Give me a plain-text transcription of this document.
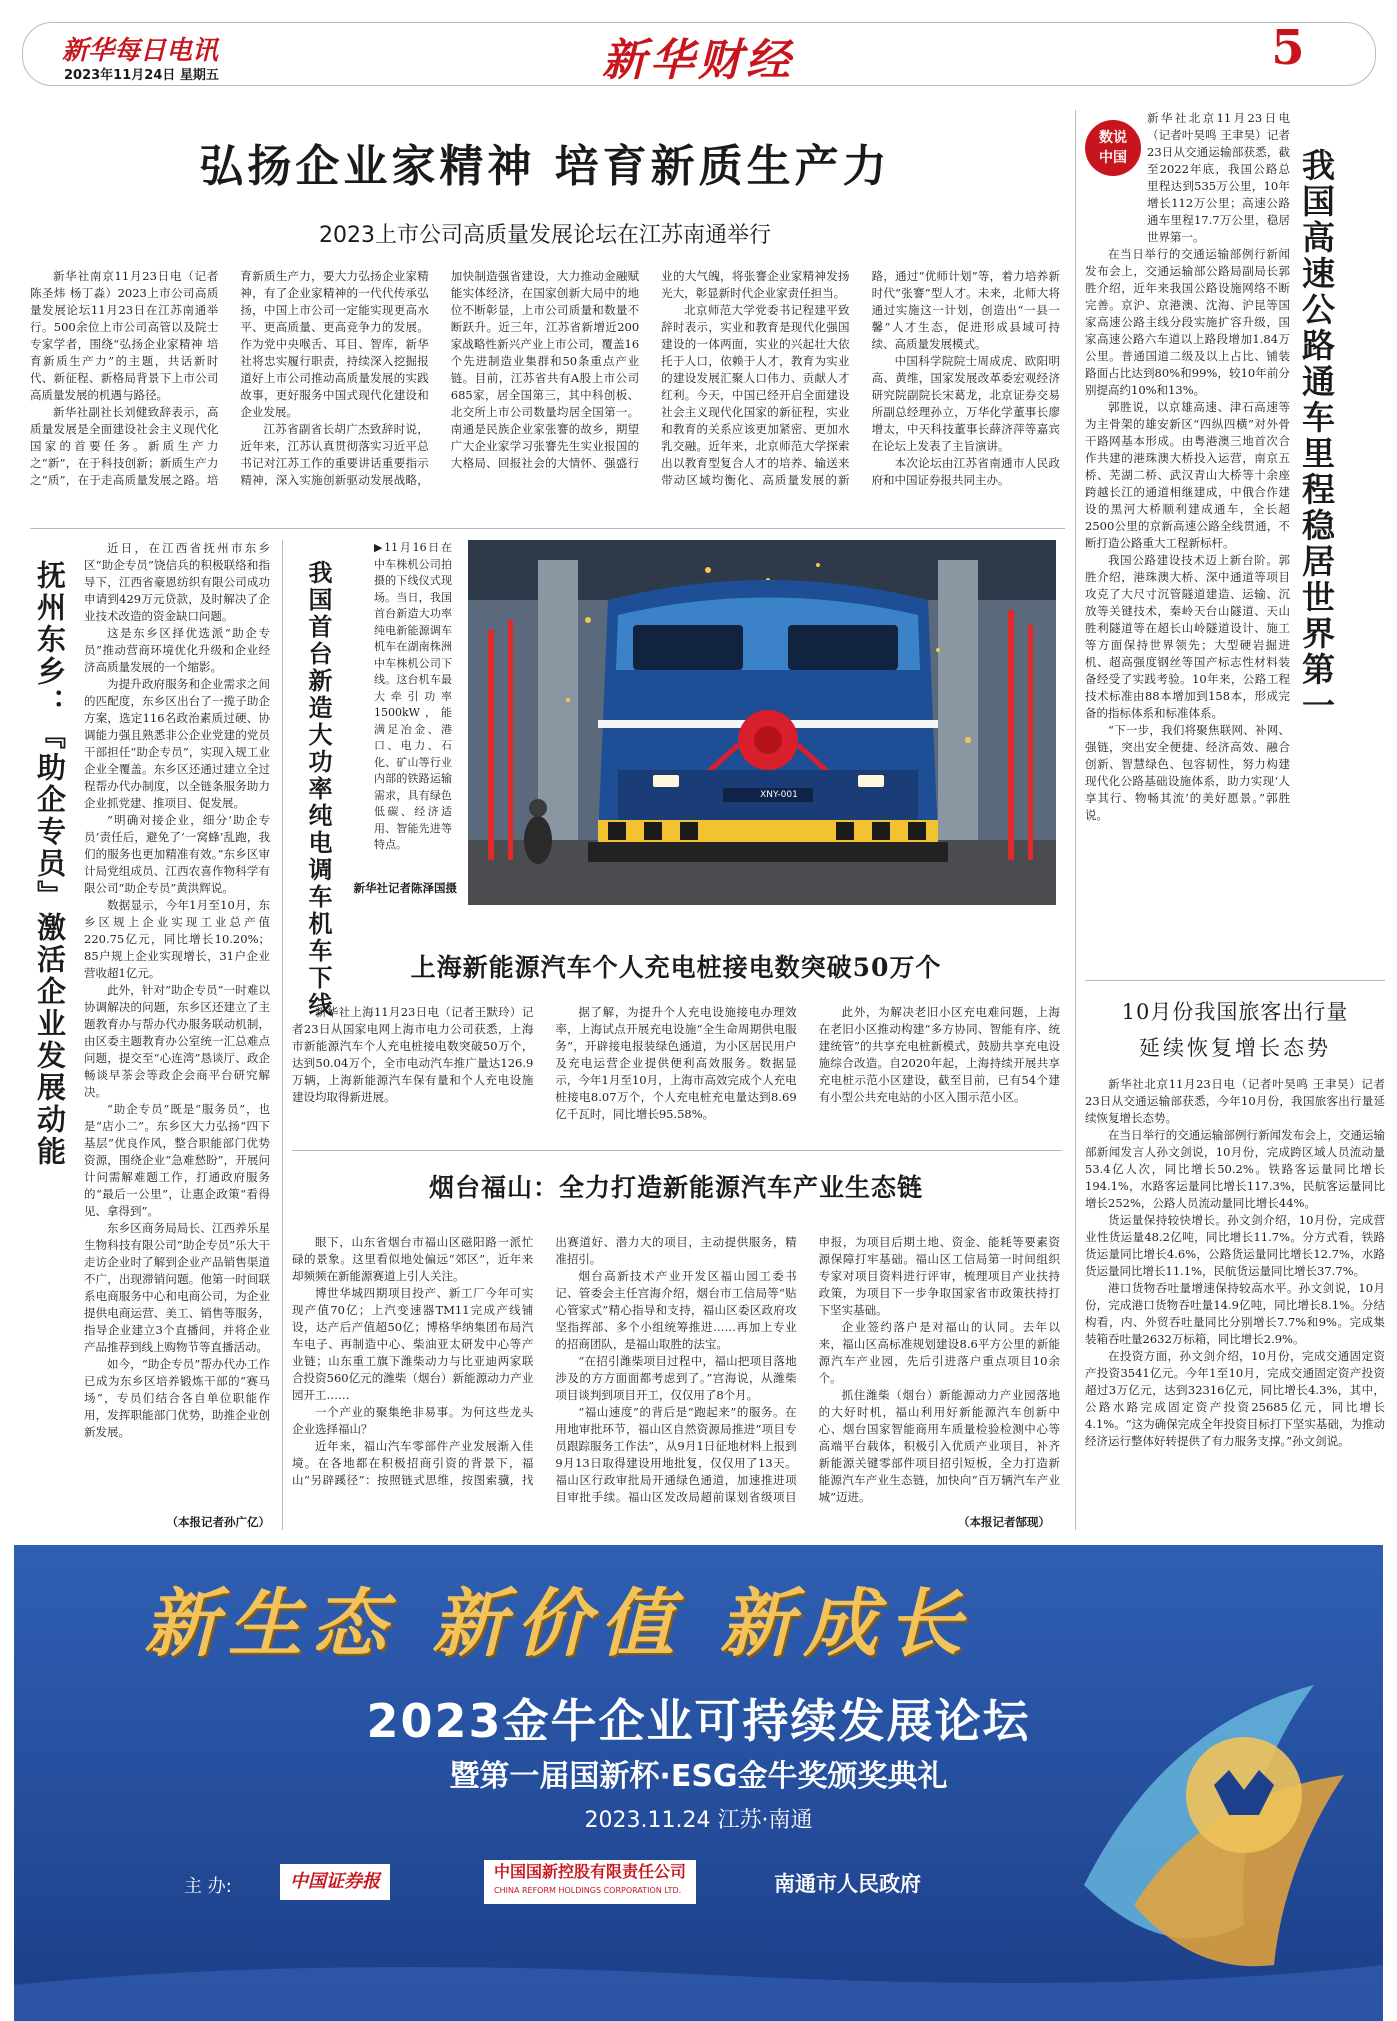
新华每日电讯
2023年11月24日 星期五	新华财经	5
弘扬企业家精神 培育新质生产力
2023上市公司高质量发展论坛在江苏南通举行

新华社南京11月23日电（记者陈圣炜 杨丁淼）2023上市公司高质量发展论坛11月23日在江苏南通举行。500余位上市公司高管以及院士专家学者，围绕“弘扬企业家精神 培育新质生产力”的主题，共话新时代、新征程、新格局背景下上市公司高质量发展的机遇与路径。

新华社副社长刘健致辞表示，高质量发展是全面建设社会主义现代化国家的首要任务。新质生产力之“新”，在于科技创新；新质生产力之“质”，在于走高质量发展之路。培育新质生产力，要大力弘扬企业家精神，有了企业家精神的一代代传承弘扬，中国上市公司一定能实现更高水平、更高质量、更高竞争力的发展。作为党中央喉舌、耳目、智库，新华社将忠实履行职责，持续深入挖掘报道好上市公司推动高质量发展的实践故事，更好服务中国式现代化建设和企业发展。

江苏省副省长胡广杰致辞时说，近年来，江苏认真贯彻落实习近平总书记对江苏工作的重要讲话重要指示精神，深入实施创新驱动发展战略，加快制造强省建设，大力推动金融赋能实体经济，在国家创新大局中的地位不断彰显，上市公司质量和数量不断跃升。近三年，江苏省新增近200家战略性新兴产业上市公司，覆盖16个先进制造业集群和50条重点产业链。目前，江苏省共有A股上市公司685家，居全国第三，其中科创板、北交所上市公司数量均居全国第一。南通是民族企业家张謇的故乡，期望广大企业家学习张謇先生实业报国的大格局、回报社会的大情怀、强盛行业的大气魄，将张謇企业家精神发扬光大，彰显新时代企业家责任担当。

北京师范大学党委书记程建平致辞时表示，实业和教育是现代化强国建设的一体两面，实业的兴起壮大依托于人口，依赖于人才，教育为实业的建设发展汇聚人口伟力、贡献人才红利。今天，中国已经开启全面建设社会主义现代化国家的新征程，实业和教育的关系应该更加紧密、更加水乳交融。近年来，北京师范大学探索出以教育型复合人才的培养、输送来带动区域均衡化、高质量发展的新路，通过“优师计划”等，着力培养新时代“张謇”型人才。未来，北师大将通过实施这一计划，创造出“一县一馨”人才生态，促进形成县域可持续、高质量发展模式。

中国科学院院士周成虎、欧阳明高、黄维，国家发展改革委宏观经济研究院副院长宋葛龙，北京证券交易所副总经理孙立，万华化学董事长廖增太，中天科技董事长薛济萍等嘉宾在论坛上发表了主旨演讲。

本次论坛由江苏省南通市人民政府和中国证券报共同主办。

抚州东乡：『助企专员』激活企业发展动能

近日，在江西省抚州市东乡区“助企专员”饶信兵的积极联络和指导下，江西省豪恩纺织有限公司成功申请到429万元贷款，及时解决了企业技术改造的资金缺口问题。

这是东乡区择优选派“助企专员”推动营商环境优化升级和企业经济高质量发展的一个缩影。

为提升政府服务和企业需求之间的匹配度，东乡区出台了一揽子助企方案，选定116名政治素质过硬、协调能力强且熟悉非公企业党建的党员干部担任“助企专员”，实现入规工业企业全覆盖。东乡区还通过建立全过程帮办代办制度，以全链条服务助力企业抓党建、推项目、促发展。

“明确对接企业，细分‘助企专员’责任后，避免了‘一窝蜂’乱跑，我们的服务也更加精准有效。”东乡区审计局党组成员、江西农喜作物科学有限公司“助企专员”黄洪辉说。

数据显示，今年1月至10月，东乡区规上企业实现工业总产值220.75亿元，同比增长10.20%；85户规上企业实现增长，31户企业营收超1亿元。

此外，针对“助企专员”一时难以协调解决的问题，东乡区还建立了主题教育办与帮办代办服务联动机制，由区委主题教育办公室统一汇总难点问题，提交至“心连湾”恳谈厅、政企畅谈早茶会等政企会商平台研究解决。

“助企专员”既是“服务员”，也是“店小二”。东乡区大力弘扬“四下基层”优良作风，整合职能部门优势资源，围绕企业“急难愁盼”，开展问计问需解难题工作，打通政府服务的“最后一公里”，让惠企政策“看得见、拿得到”。

东乡区商务局局长、江西养乐星生物科技有限公司“助企专员”乐大干走访企业时了解到企业产品销售渠道不广，出现滞销问题。他第一时间联系电商服务中心和电商公司，为企业提供电商运营、美工、销售等服务，指导企业建立3个直播间，并将企业产品推荐到线上购物节等直播活动。

如今，“助企专员”帮办代办工作已成为东乡区培养锻炼干部的“赛马场”，专员们结合各自单位职能作用，发挥职能部门优势，助推企业创新发展。

（本报记者孙广亿）
我国首台新造大功率纯电调车机车下线
▶11月16日在中车株机公司拍摄的下线仪式现场。当日，我国首台新造大功率纯电新能源调车机车在湖南株洲中车株机公司下线。这台机车最大牵引功率1500kW，能满足冶金、港口、电力、石化、矿山等行业内部的铁路运输需求，具有绿色低碳、经济适用、智能先进等特点。
新华社记者陈泽国摄
XNY-001
上海新能源汽车个人充电桩接电数突破50万个

新华社上海11月23日电（记者王默玲）记者23日从国家电网上海市电力公司获悉，上海市新能源汽车个人充电桩接电数突破50万个，达到50.04万个，全市电动汽车推广量达126.9万辆，上海新能源汽车保有量和个人充电设施建设均取得新进展。

据了解，为提升个人充电设施接电办理效率，上海试点开展充电设施“全生命周期供电服务”，开辟接电报装绿色通道，为小区居民用户及充电运营企业提供便利高效服务。数据显示，今年1月至10月，上海市高效完成个人充电桩接电8.07万个，个人充电桩充电量达到8.69亿千瓦时，同比增长95.58%。

此外，为解决老旧小区充电难问题，上海在老旧小区推动构建“多方协同、智能有序、统建统管”的共享充电桩新模式，鼓励共享充电设施综合改造。自2020年起，上海持续开展共享充电桩示范小区建设，截至目前，已有54个建有小型公共充电站的小区入围示范小区。

烟台福山：全力打造新能源汽车产业生态链

眼下，山东省烟台市福山区磁阳路一派忙碌的景象。这里看似地处偏远“郊区”，近年来却频频在新能源赛道上引人关注。

博世华城四期项目投产、新工厂今年可实现产值70亿；上汽变速器TM11完成产线铺设，达产后产值超50亿；博格华纳集团布局汽车电子、再制造中心、柴油亚太研发中心等产业链；山东重工旗下潍柴动力与比亚迪两家联合投资560亿元的潍柴（烟台）新能源动力产业园开工……

一个产业的聚集绝非易事。为何这些龙头企业选择福山？

近年来，福山汽车零部件产业发展渐入佳境。在各地都在积极招商引资的背景下，福山“另辟蹊径”：按照链式思维，按图索骥，找出赛道好、潜力大的项目，主动提供服务，精准招引。

烟台高新技术产业开发区福山园工委书记、管委会主任宫海介绍，烟台市工信局等“贴心管家式”精心指导和支持，福山区委区政府攻坚指挥部、多个小组统筹推进……再加上专业的招商团队，是福山取胜的法宝。

“在招引潍柴项目过程中，福山把项目落地涉及的方方面面都考虑到了。”宫海说，从潍柴项目谈判到项目开工，仅仅用了8个月。

“福山速度”的背后是“跑起来”的服务。在用地审批环节，福山区自然资源局推进“项目专员跟踪服务工作法”，从9月1日征地材料上报到9月13日取得建设用地批复，仅仅用了13天。福山区行政审批局开通绿色通道，加速推进项目审批手续。福山区发改局超前谋划省级项目申报，为项目后期土地、资金、能耗等要素资源保障打牢基础。福山区工信局第一时间组织专家对项目资料进行评审，梳理项目产业扶持政策，为项目下一步争取国家省市政策扶持打下坚实基础。

企业签约落户是对福山的认同。去年以来，福山区高标准规划建设8.6平方公里的新能源汽车产业园，先后引进落户重点项目10余个。

抓住潍柴（烟台）新能源动力产业园落地的大好时机，福山利用好新能源汽车创新中心、烟台国家智能商用车质量检验检测中心等高端平台载体，积极引入优质产业项目，补齐新能源关键零部件项目招引短板，全力打造新能源汽车产业生态链，加快向“百万辆汽车产业城”迈进。

（本报记者郜现）
数说
中国	我国高速公路通车里程稳居世界第一

新华社北京11月23日电（记者叶昊鸣 王聿昊）记者23日从交通运输部获悉，截至2022年底，我国公路总里程达到535万公里，10年增长112万公里；高速公路通车里程17.7万公里，稳居世界第一。

在当日举行的交通运输部例行新闻发布会上，交通运输部公路局副局长郭胜介绍，近年来我国公路设施网络不断完善。京沪、京港澳、沈海、沪昆等国家高速公路主线分段实施扩容升级，国家高速公路六车道以上路段增加1.84万公里。普通国道二级及以上占比、铺装路面占比达到80%和99%，较10年前分别提高约10%和13%。

郭胜说，以京雄高速、津石高速等为主骨架的雄安新区“四纵四横”对外骨干路网基本形成。由粤港澳三地首次合作共建的港珠澳大桥投入运营，南京五桥、芜湖二桥、武汉青山大桥等十余座跨越长江的通道相继建成，中俄合作建设的黑河大桥顺利建成通车，全长超2500公里的京新高速公路全线贯通，不断打造公路重大工程新标杆。

我国公路建设技术迈上新台阶。郭胜介绍，港珠澳大桥、深中通道等项目攻克了大尺寸沉管隧道建造、运输、沉放等关键技术，秦岭天台山隧道、天山胜利隧道等在超长山岭隧道设计、施工等方面保持世界领先；大型硬岩掘进机、超高强度钢丝等国产标志性材料装备经受了实践考验。10年来，公路工程技术标准由88本增加到158本，形成完备的指标体系和标准体系。

“下一步，我们将聚焦联网、补网、强链，突出安全便捷、经济高效、融合创新、智慧绿色、包容韧性，努力构建现代化公路基础设施体系，助力实现‘人享其行、物畅其流’的美好愿景。”郭胜说。

10月份我国旅客出行量
延续恢复增长态势

新华社北京11月23日电（记者叶昊鸣 王聿昊）记者23日从交通运输部获悉，今年10月份，我国旅客出行量延续恢复增长态势。

在当日举行的交通运输部例行新闻发布会上，交通运输部新闻发言人孙文剑说，10月份，完成跨区域人员流动量53.4亿人次，同比增长50.2%。铁路客运量同比增长194.1%，水路客运量同比增长117.3%，民航客运量同比增长252%，公路人员流动量同比增长44%。

货运量保持较快增长。孙文剑介绍，10月份，完成营业性货运量48.2亿吨，同比增长11.7%。分方式看，铁路货运量同比增长4.6%，公路货运量同比增长12.7%，水路货运量同比增长11.1%，民航货运量同比增长37.7%。

港口货物吞吐量增速保持较高水平。孙文剑说，10月份，完成港口货物吞吐量14.9亿吨，同比增长8.1%。分结构看，内、外贸吞吐量同比分别增长7.7%和9%。完成集装箱吞吐量2632万标箱，同比增长2.9%。

在投资方面，孙文剑介绍，10月份，完成交通固定资产投资3541亿元。今年1至10月，完成交通固定资产投资超过3万亿元，达到32316亿元，同比增长4.3%，其中，公路水路完成固定资产投资25685亿元，同比增长4.1%。“这为确保完成全年投资目标打下坚实基础，为推动经济运行整体好转提供了有力服务支撑。”孙文剑说。

新生态 新价值 新成长
2023金牛企业可持续发展论坛
暨第一届国新杯·ESG金牛奖颁奖典礼
2023.11.24 江苏·南通
主 办:	中国证券报	中国国新控股有限责任公司
CHINA REFORM HOLDINGS CORPORATION LTD.	南通市人民政府
